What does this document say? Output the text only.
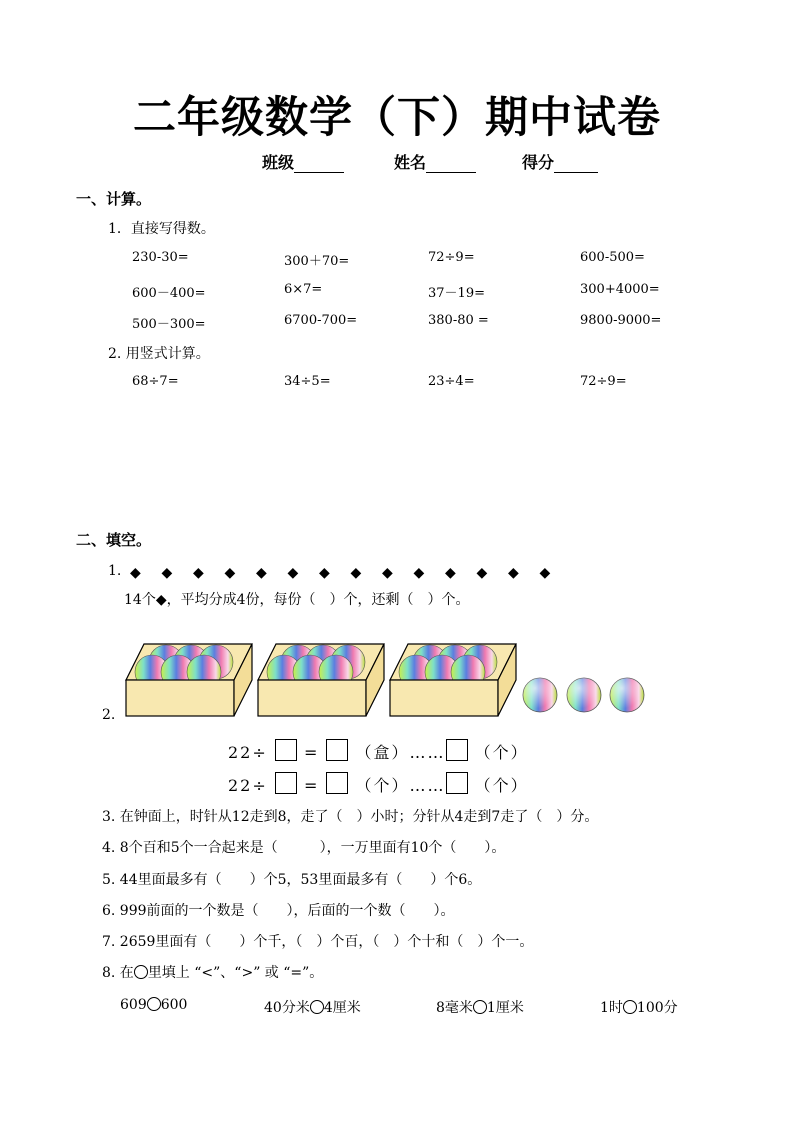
二年级数学（下）期中试卷
班级	姓名	得分
一、计算。
1．直接写得数。
230-30=	300＋70=	72÷9=	600-500=
600－400=	6×7=	37－19=	300+4000=
500－300=	6700-700=	380-80 =	9800-9000=
2. 用竖式计算。
68÷7=	34÷5=	23÷4=	72÷9=
二、填空。
1. ◆ ◆ ◆ ◆ ◆ ◆ ◆ ◆ ◆ ◆ ◆ ◆ ◆ ◆
14个◆，平均分成4份，每份（　）个，还剩（　）个。
2.
22÷ = （盒）…… （个）
22÷ = （个）…… （个）
3. 在钟面上，时针从12走到8，走了（　）小时；分针从4走到7走了（　）分。
4. 8个百和5个一合起来是（　　　），一万里面有10个（　　）。
5. 44里面最多有（　　）个5，53里面最多有（　　）个6。
6. 999前面的一个数是（　　），后面的一个数（　　）。
7. 2659里面有（　　）个千，（　）个百，（　）个十和（　）个一。
8. 在 里填上 “<”、“>” 或 “=”。
609 600	40分米 4厘米	8毫米 1厘米	1时 100分
